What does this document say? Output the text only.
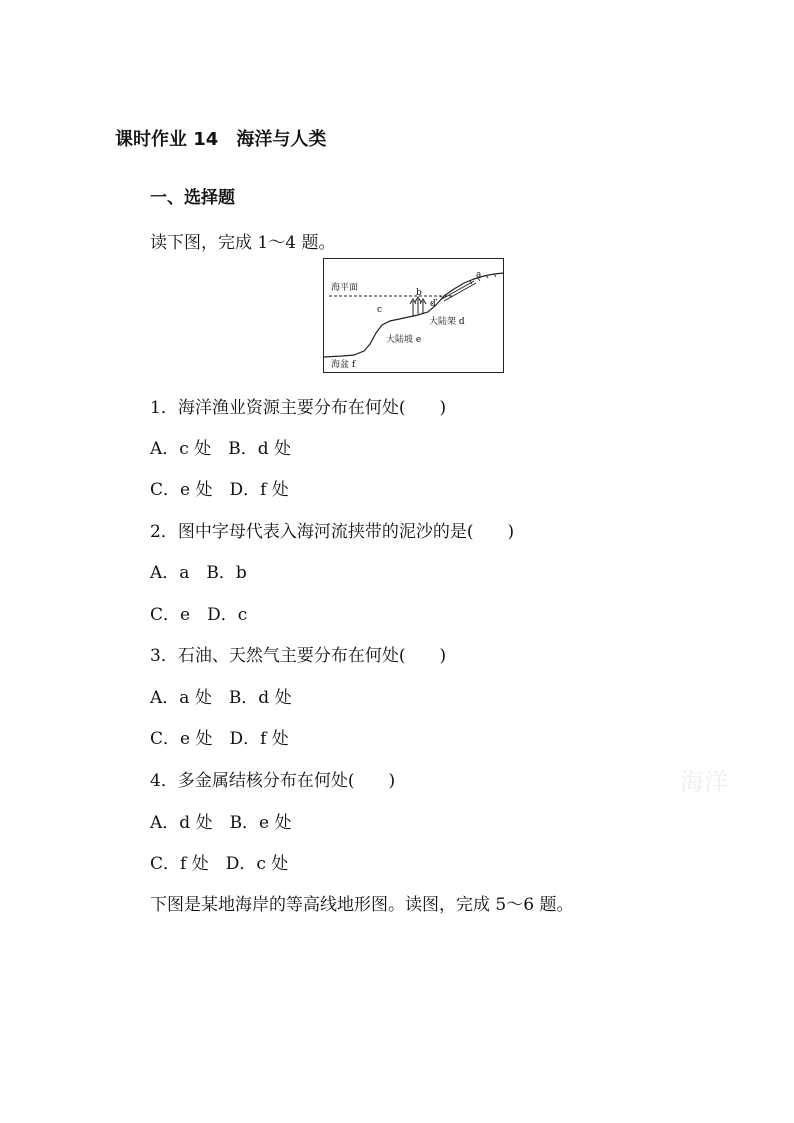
课时作业 14　海洋与人类
一、选择题
读下图，完成 1～4 题。
海平面
a
b
c
d
大陆架 d
大陆坡 e
海盆 f
1．海洋渔业资源主要分布在何处(　　)
A．c 处　B．d 处
C．e 处　D．f 处
2．图中字母代表入海河流挟带的泥沙的是(　　)
A．a　B．b
C．e　D．c
3．石油、天然气主要分布在何处(　　)
A．a 处　B．d 处
C．e 处　D．f 处
4．多金属结核分布在何处(　　)
A．d 处　B．e 处
C．f 处　D．c 处
下图是某地海岸的等高线地形图。读图，完成 5～6 题。
海洋
